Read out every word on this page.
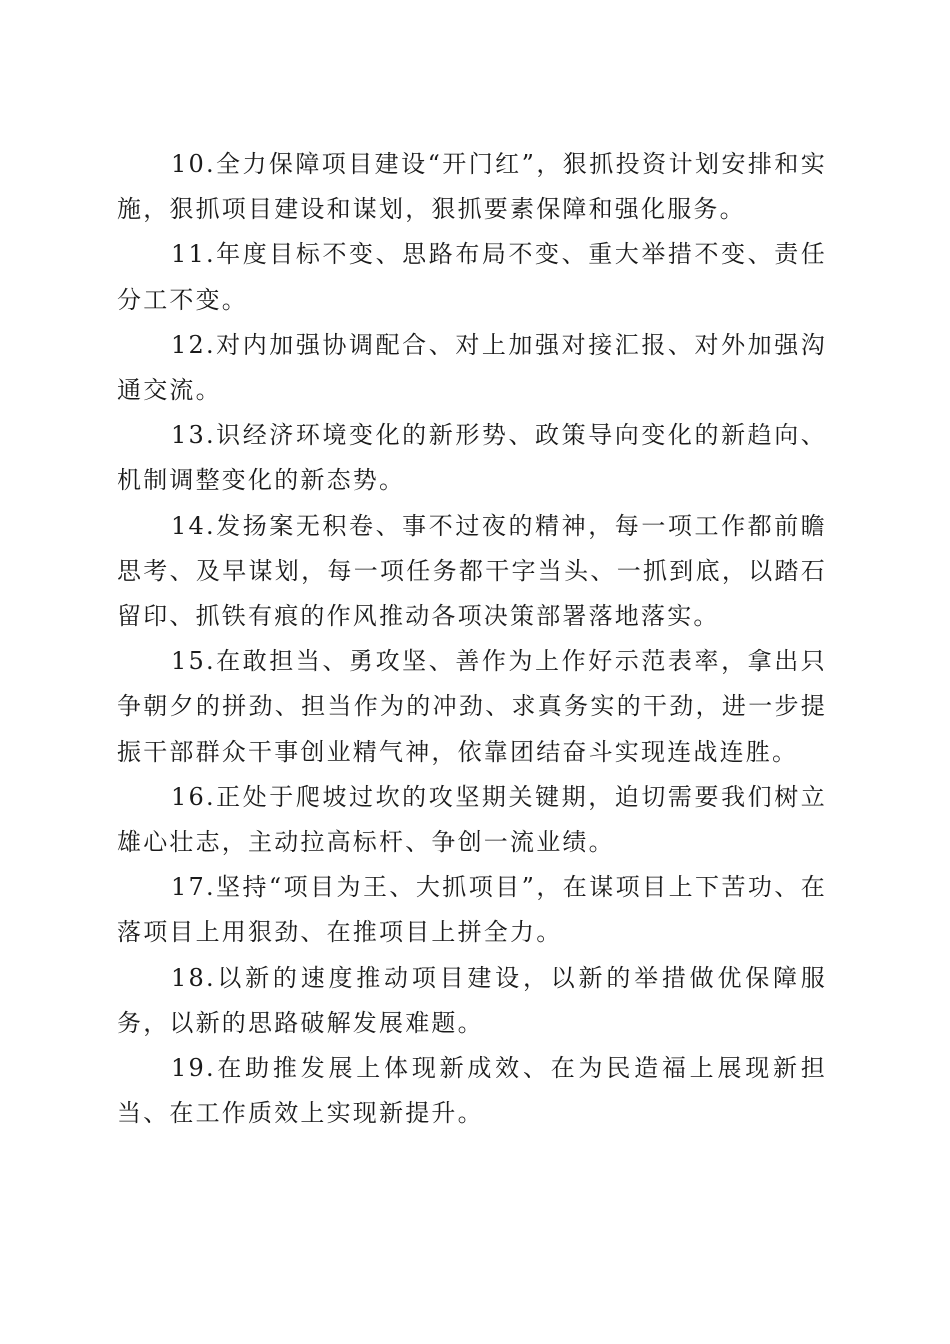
10.全力保障项目建设“开门红”，狠抓投资计划安排和实施，狠抓项目建设和谋划，狠抓要素保障和强化服务。

11.年度目标不变、思路布局不变、重大举措不变、责任分工不变。

12.对内加强协调配合、对上加强对接汇报、对外加强沟通交流。

13.识经济环境变化的新形势、政策导向变化的新趋向、机制调整变化的新态势。

14.发扬案无积卷、事不过夜的精神，每一项工作都前瞻思考、及早谋划，每一项任务都干字当头、一抓到底，以踏石留印、抓铁有痕的作风推动各项决策部署落地落实。

15.在敢担当、勇攻坚、善作为上作好示范表率，拿出只争朝夕的拼劲、担当作为的冲劲、求真务实的干劲，进一步提振干部群众干事创业精气神，依靠团结奋斗实现连战连胜。

16.正处于爬坡过坎的攻坚期关键期，迫切需要我们树立雄心壮志，主动拉高标杆、争创一流业绩。

17.坚持“项目为王、大抓项目”，在谋项目上下苦功、在落项目上用狠劲、在推项目上拼全力。

18.以新的速度推动项目建设，以新的举措做优保障服务，以新的思路破解发展难题。

19.在助推发展上体现新成效、在为民造福上展现新担当、在工作质效上实现新提升。
